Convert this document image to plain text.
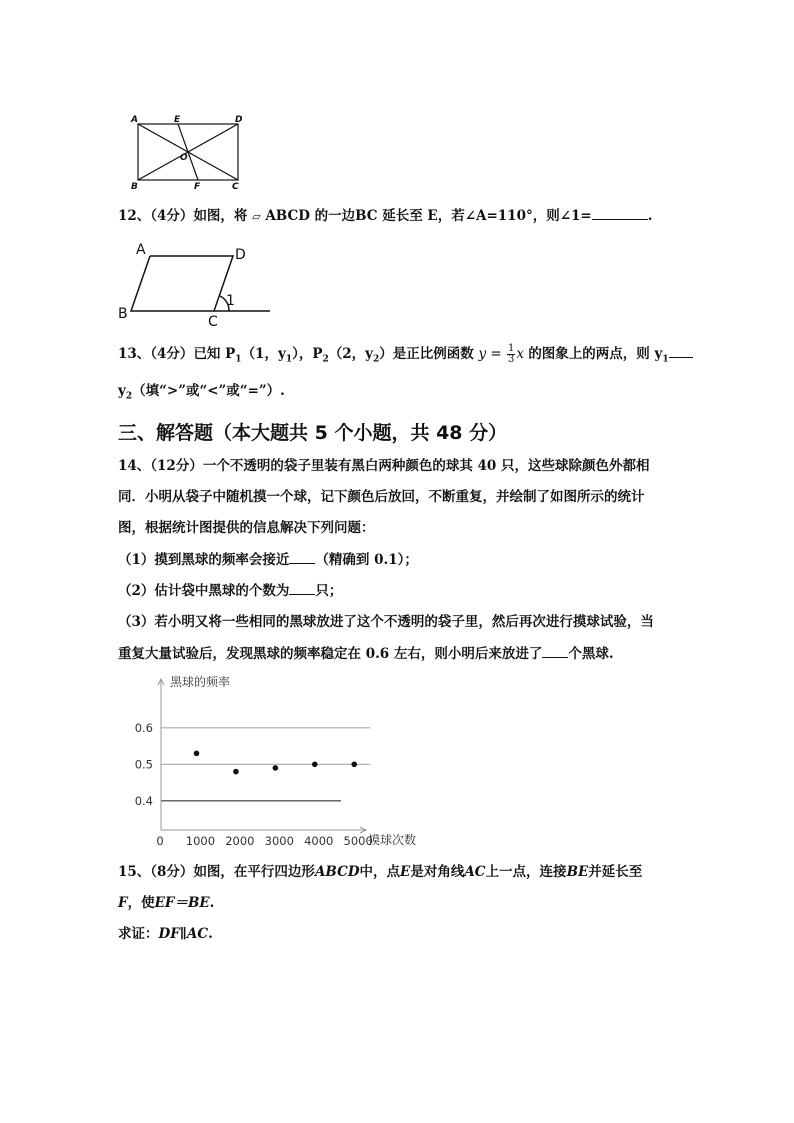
A	E	D
O
B	F	C
12、（4分）如图，将 ▱ ABCD 的一边BC 延长至 E，若∠A=110°，则∠1=	.
A	D
B	C
1
13、（4分）已知 $P_1(1$，$y_1$），$P_2(2$，$y_2$）是正比例函数 $y = \frac{1}{3}$ x 的图象上的两点，则 $y_1$
$y_2$（填“>”或“<”或“=”）.
三、解答题（本大题共 5 个小题，共 48 分）
14、（12分）一个不透明的袋子里装有黑白两种颜色的球其 40 只，这些球除颜色外都相
同．小明从袋子中随机摸一个球，记下颜色后放回，不断重复，并绘制了如图所示的统计
图，根据统计图提供的信息解决下列问题：
（1）摸到黑球的频率会接近 （精确到 0.1）；
（2）估计袋中黑球的个数为 只；
（3）若小明又将一些相同的黑球放进了这个不透明的袋子里，然后再次进行摸球试验，当
重复大量试验后，发现黑球的频率稳定在 0.6 左右，则小明后来放进了 个黑球.
0.4
0.5
0.6
0 1000 2000 3000 4000 5000
黑球的频率
摸球次数
15、（8分）如图，在平行四边形ABCD中，点E是对角线AC上一点，连接BE并延长至
F，使EF＝BE.
求证：DF∥AC.
